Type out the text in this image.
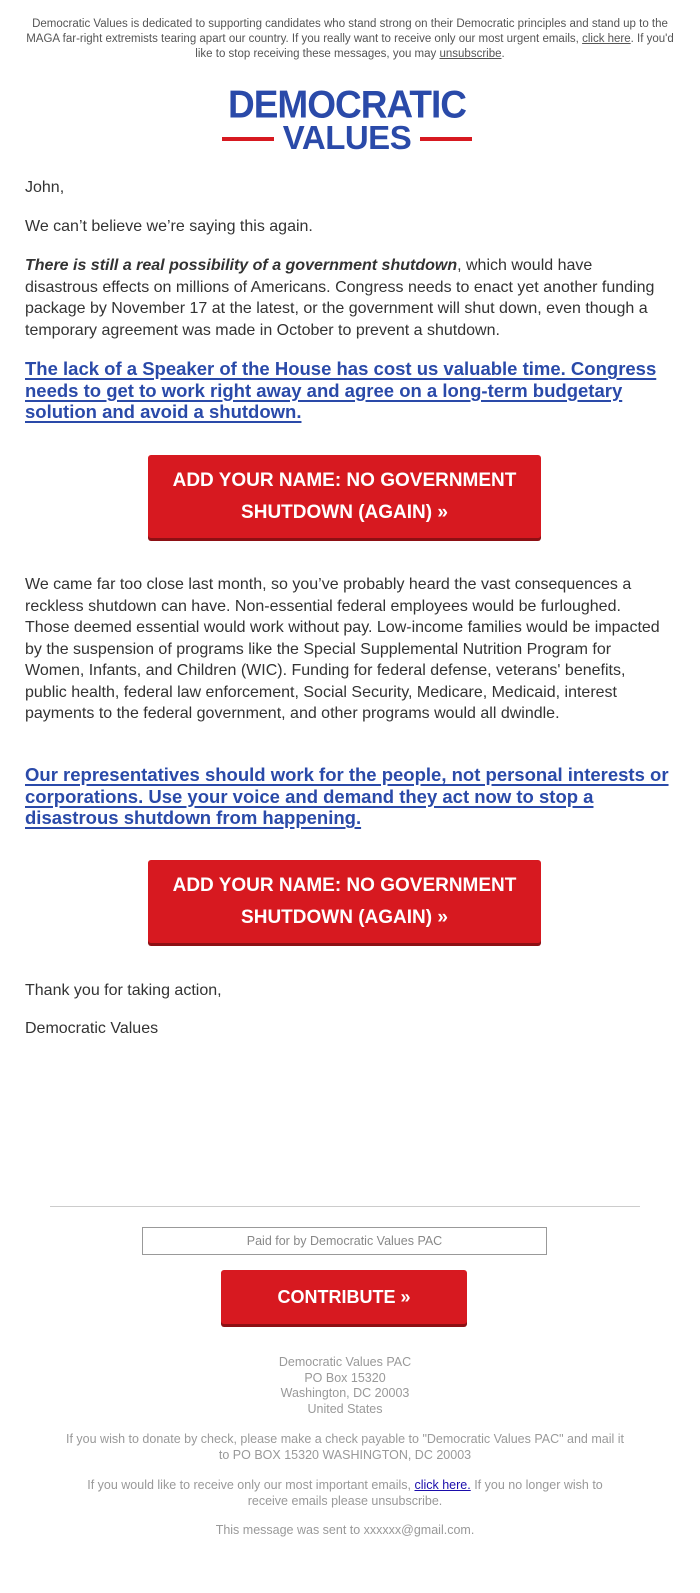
Democratic Values is dedicated to supporting candidates who stand strong on their Democratic principles and stand up to the MAGA far-right extremists tearing apart our country. If you really want to receive only our most urgent emails, click here. If you'd like to stop receiving these messages, you may unsubscribe.
DEMOCRATIC
VALUES
John,
We can’t believe we’re saying this again.
There is still a real possibility of a government shutdown, which would have disastrous effects on millions of Americans. Congress needs to enact yet another funding package by November 17 at the latest, or the government will shut down, even though a temporary agreement was made in October to prevent a shutdown.
The lack of a Speaker of the House has cost us valuable time. Congress needs to get to work right away and agree on a long-term budgetary solution and avoid a shutdown.
ADD YOUR NAME: NO GOVERNMENT SHUTDOWN (AGAIN) »
We came far too close last month, so you’ve probably heard the vast consequences a reckless shutdown can have. Non-essential federal employees would be furloughed. Those deemed essential would work without pay. Low-income families would be impacted by the suspension of programs like the Special Supplemental Nutrition Program for Women, Infants, and Children (WIC). Funding for federal defense, veterans' benefits, public health, federal law enforcement, Social Security, Medicare, Medicaid, interest payments to the federal government, and other programs would all dwindle.
Our representatives should work for the people, not personal interests or corporations. Use your voice and demand they act now to stop a disastrous shutdown from happening.
ADD YOUR NAME: NO GOVERNMENT SHUTDOWN (AGAIN) »
Thank you for taking action,
Democratic Values
Paid for by Democratic Values PAC
CONTRIBUTE »
Democratic Values PAC
PO Box 15320
Washington, DC 20003
United States
If you wish to donate by check, please make a check payable to "Democratic Values PAC" and mail it to PO BOX 15320 WASHINGTON, DC 20003
If you would like to receive only our most important emails, click here. If you no longer wish to receive emails please unsubscribe.
This message was sent to xxxxxx@gmail.com.
